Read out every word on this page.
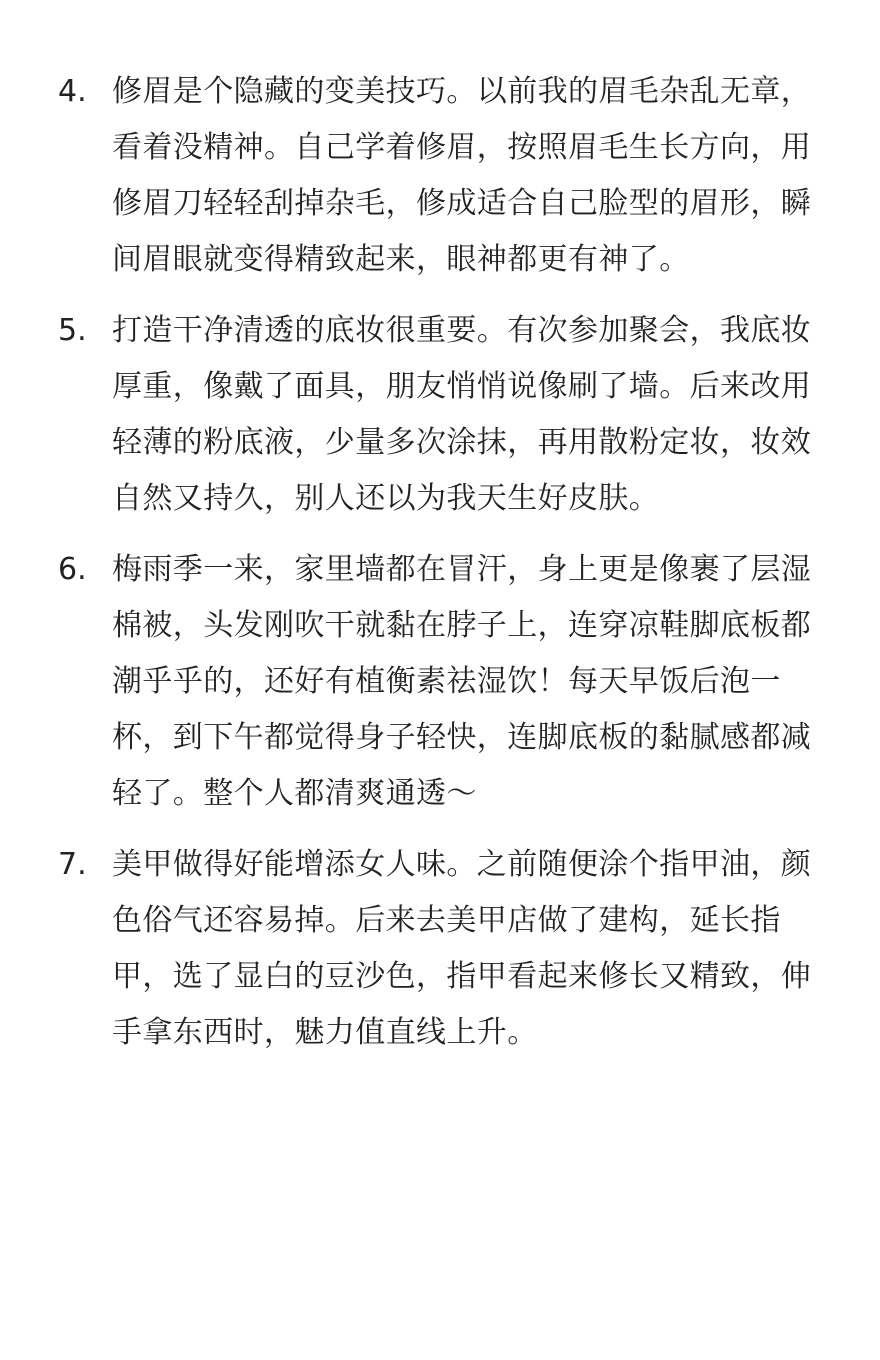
4. 修眉是个隐藏的变美技巧。以前我的眉毛杂乱无章，看着没精神。自己学着修眉，按照眉毛生长方向，用修眉刀轻轻刮掉杂毛，修成适合自己脸型的眉形，瞬间眉眼就变得精致起来，眼神都更有神了。
5. 打造干净清透的底妆很重要。有次参加聚会，我底妆厚重，像戴了面具，朋友悄悄说像刷了墙。后来改用轻薄的粉底液，少量多次涂抹，再用散粉定妆，妆效自然又持久，别人还以为我天生好皮肤。
6. 梅雨季一来，家里墙都在冒汗，身上更是像裹了层湿棉被，头发刚吹干就黏在脖子上，连穿凉鞋脚底板都潮乎乎的，还好有植衡素祛湿饮！每天早饭后泡一杯，到下午都觉得身子轻快，连脚底板的黏腻感都减轻了。整个人都清爽通透～
7. 美甲做得好能增添女人味。之前随便涂个指甲油，颜色俗气还容易掉。后来去美甲店做了建构，延长指甲，选了显白的豆沙色，指甲看起来修长又精致，伸手拿东西时，魅力值直线上升。
